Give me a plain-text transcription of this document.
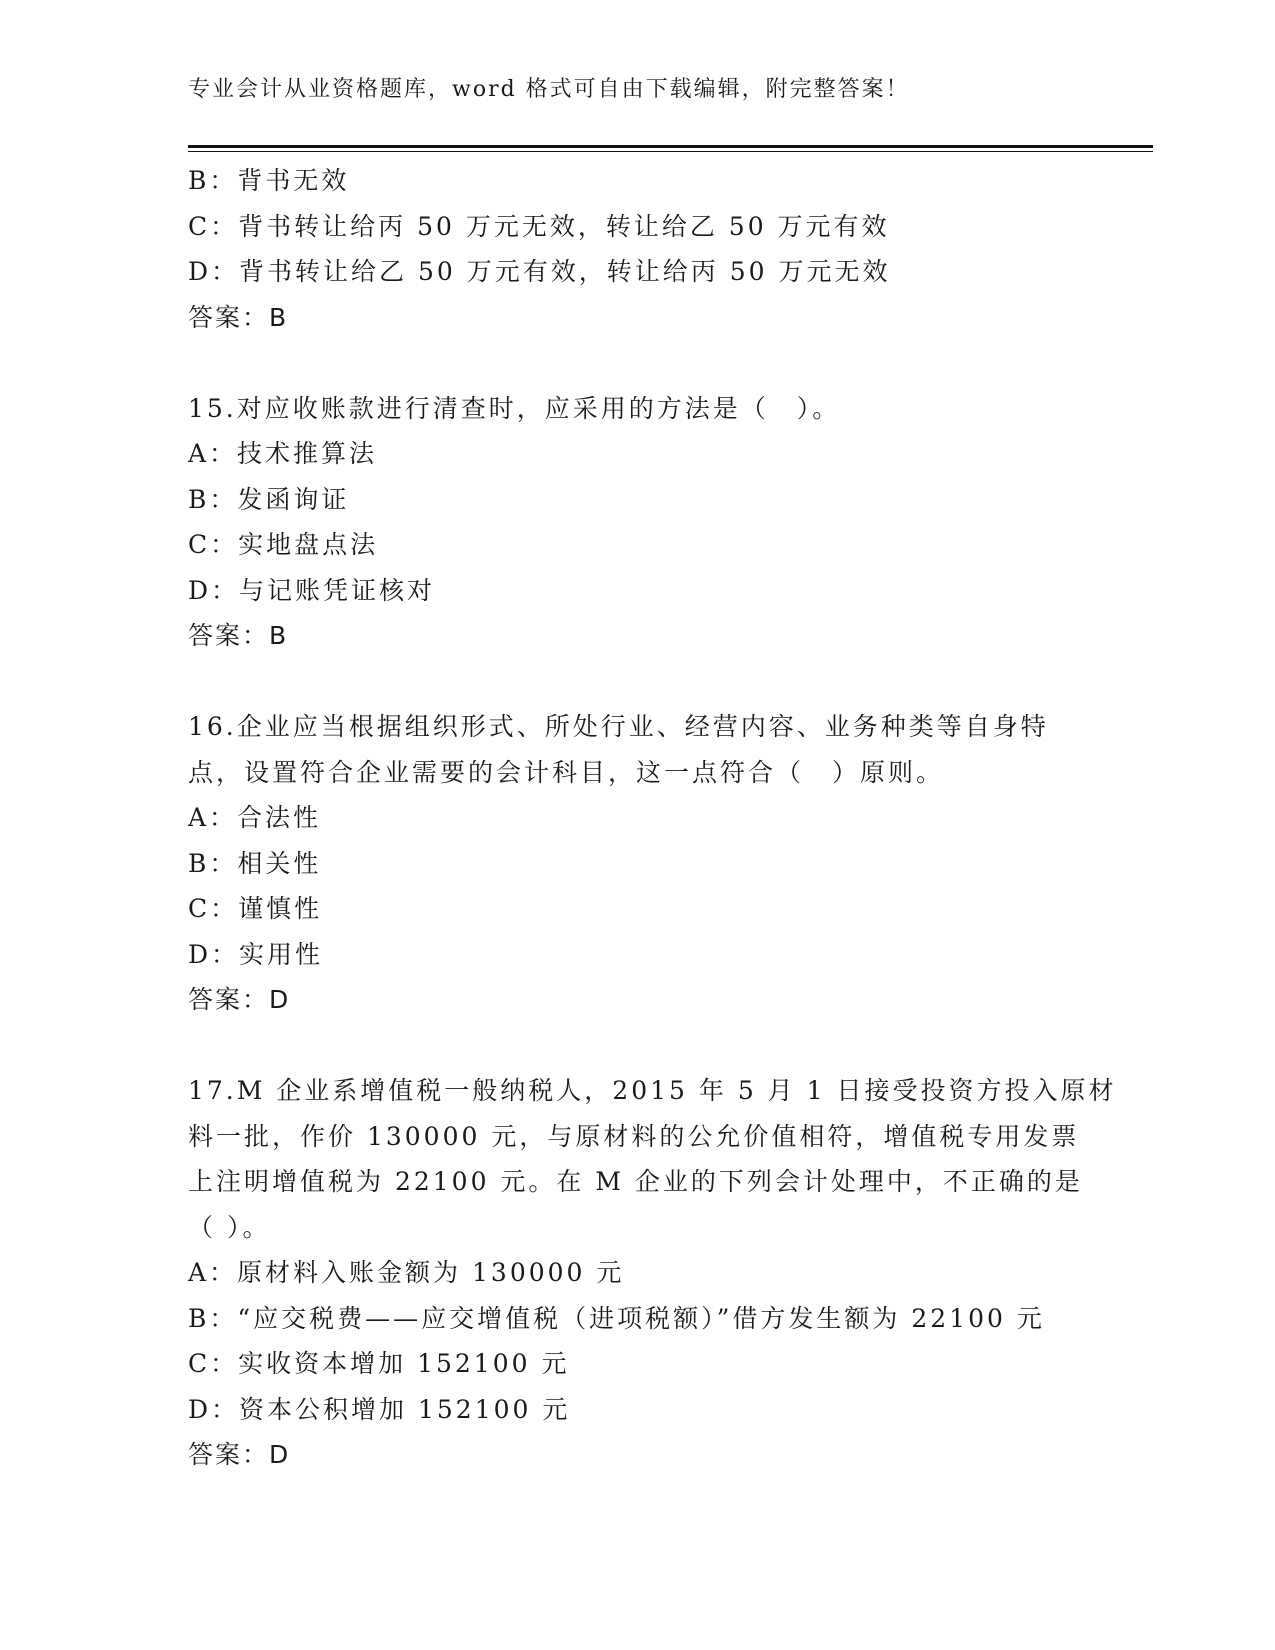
专业会计从业资格题库，word 格式可自由下载编辑，附完整答案！
B：背书无效
C：背书转让给丙 50 万元无效，转让给乙 50 万元有效
D：背书转让给乙 50 万元有效，转让给丙 50 万元无效
答案：B
15.对应收账款进行清查时，应采用的方法是（　）。
A：技术推算法
B：发函询证
C：实地盘点法
D：与记账凭证核对
答案：B
16.企业应当根据组织形式、所处行业、经营内容、业务种类等自身特
点，设置符合企业需要的会计科目，这一点符合（　）原则。
A：合法性
B：相关性
C：谨慎性
D：实用性
答案：D
17.M 企业系增值税一般纳税人，2015 年 5 月 1 日接受投资方投入原材
料一批，作价 130000 元，与原材料的公允价值相符，增值税专用发票
上注明增值税为 22100 元。在 M 企业的下列会计处理中，不正确的是
（ ）。
A：原材料入账金额为 130000 元
B：“应交税费——应交增值税（进项税额）”借方发生额为 22100 元
C：实收资本增加 152100 元
D：资本公积增加 152100 元
答案：D
